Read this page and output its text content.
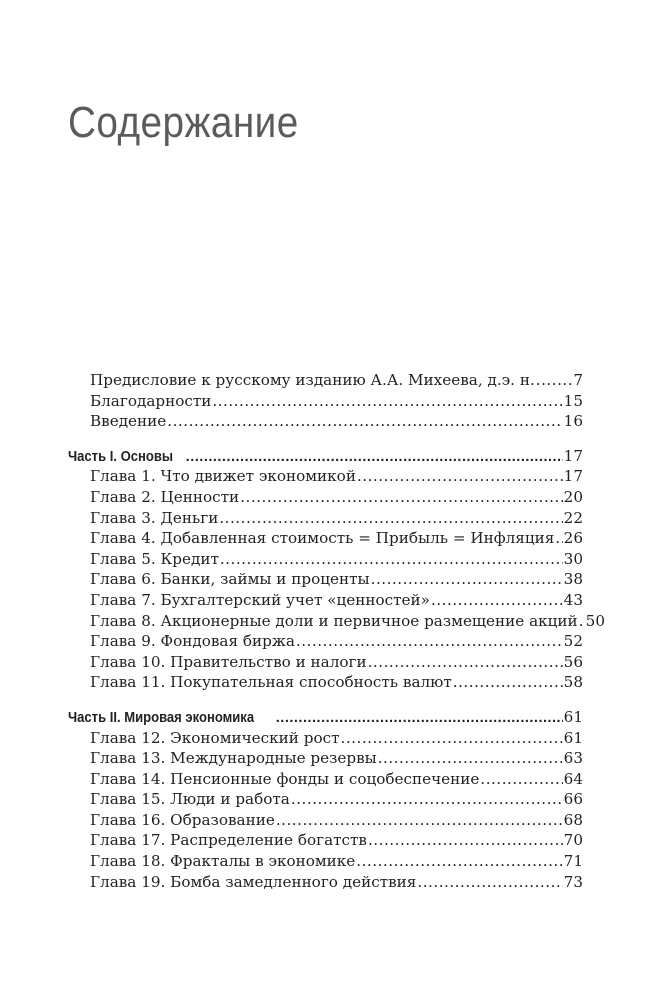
Содержание
Предисловие к русскому изданию А.А. Михеева, д.э. н. .....	7
Благодарности .....	15
Введение .....	16
Часть I. Основы .....	17
Глава 1. Что движет экономикой .....	17
Глава 2. Ценности .....	20
Глава 3. Деньги .....	22
Глава 4. Добавленная стоимость = Прибыль = Инфляция ..... 26
Глава 5. Кредит .....	30
Глава 6. Банки, займы и проценты .....	38
Глава 7. Бухгалтерский учет «ценностей» .....	43
Глава 8. Акционерные доли и первичное размещение акций ..... 50
Глава 9. Фондовая биржа .....	52
Глава 10. Правительство и налоги .....	56
Глава 11. Покупательная способность валют .....	58
Часть II. Мировая экономика .....	61
Глава 12. Экономический рост .....	61
Глава 13. Международные резервы .....	63
Глава 14. Пенсионные фонды и соцобеспечение .....	64
Глава 15. Люди и работа .....	66
Глава 16. Образование .....	68
Глава 17. Распределение богатств .....	70
Глава 18. Фракталы в экономике .....	71
Глава 19. Бомба замедленного действия .....	73
